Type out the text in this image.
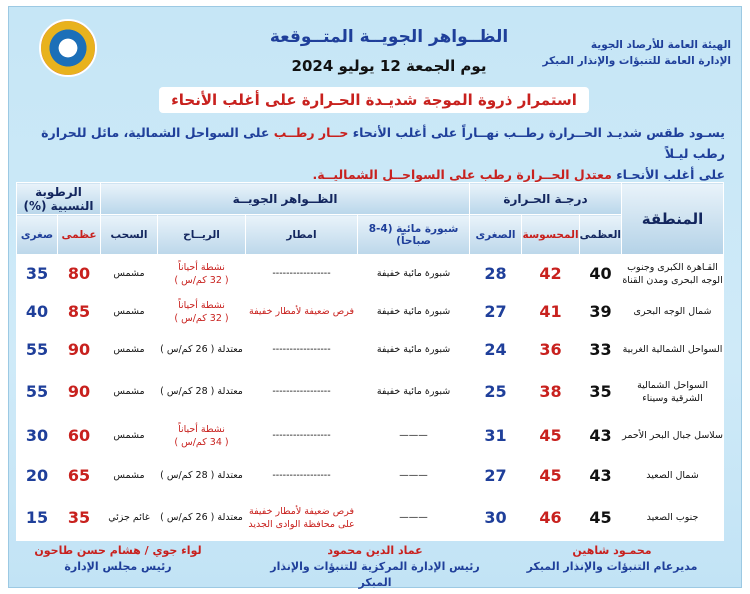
EMA
الظــواهر الجويــة المتــوقعة
يوم الجمعة 12 يوليو 2024
الهيئة العامة للأرصاد الجوية
الإدارة العامة للتنبؤات والإنذار المبكر
استمرار ذروة الموجة شديـدة الحـرارة على أغلب الأنحاء
يسـود طقس شديـد الحــرارة رطــب نهــاراً على أغلب الأنحاء حــار رطــب على السواحل الشمالية، مائل للحرارة رطب ليـلاً
على أغلب الأنحـاء معتدل الحــرارة رطب على السواحــل الشماليــة.
المنطقة	درجـة الحـرارة			الظــواهر الجويــة				الرطوبة النسبية (%)	
	العظمى	المحسوسة	الصغرى	شبورة مائية (4-8 صباحاً)	امطار	الريــاح	السحب	عظمى	صغرى
القـاهرة الكبرى وجنوب الوجه البحرى ومدن القناة	40	42	28	شبورة مائية خفيفة	-----------------	نشطة أحياناً
( 32 كم/س )	مشمس	80	35
شمال الوجه البحرى	39	41	27	شبورة مائية خفيفة	فرص ضعيفة لأمطار خفيفة	نشطة أحياناً
( 32 كم/س )	مشمس	85	40
السواحل الشمالية الغربية	33	36	24	شبورة مائية خفيفة	-----------------	معتدلة ( 26 كم/س )	مشمس	90	55
السواحل الشمالية الشرقية وسيناء	35	38	25	شبورة مائية خفيفة	-----------------	معتدلة ( 28 كم/س )	مشمس	90	55
سلاسل جبال البحر الأحمر	43	45	31	———	-----------------	نشطة أحياناً
( 34 كم/س )	مشمس	60	30
شمال الصعيد	43	45	27	———	-----------------	معتدلة ( 28 كم/س )	مشمس	65	20
جنوب الصعيد	45	46	30	———	فرص ضعيفة لأمطار خفيفة على محافظة الوادى الجديد	معتدلة ( 26 كم/س )	غائم جزئي	35	15
محمـود شاهين
مديرعام التنبؤات والإنذار المبكر
عماد الدين محمود
رئيس الإدارة المركزية للتنبؤات والإنذار المبكر
لواء جوي / هشام حسن طاحون
رئيس مجلس الإدارة
